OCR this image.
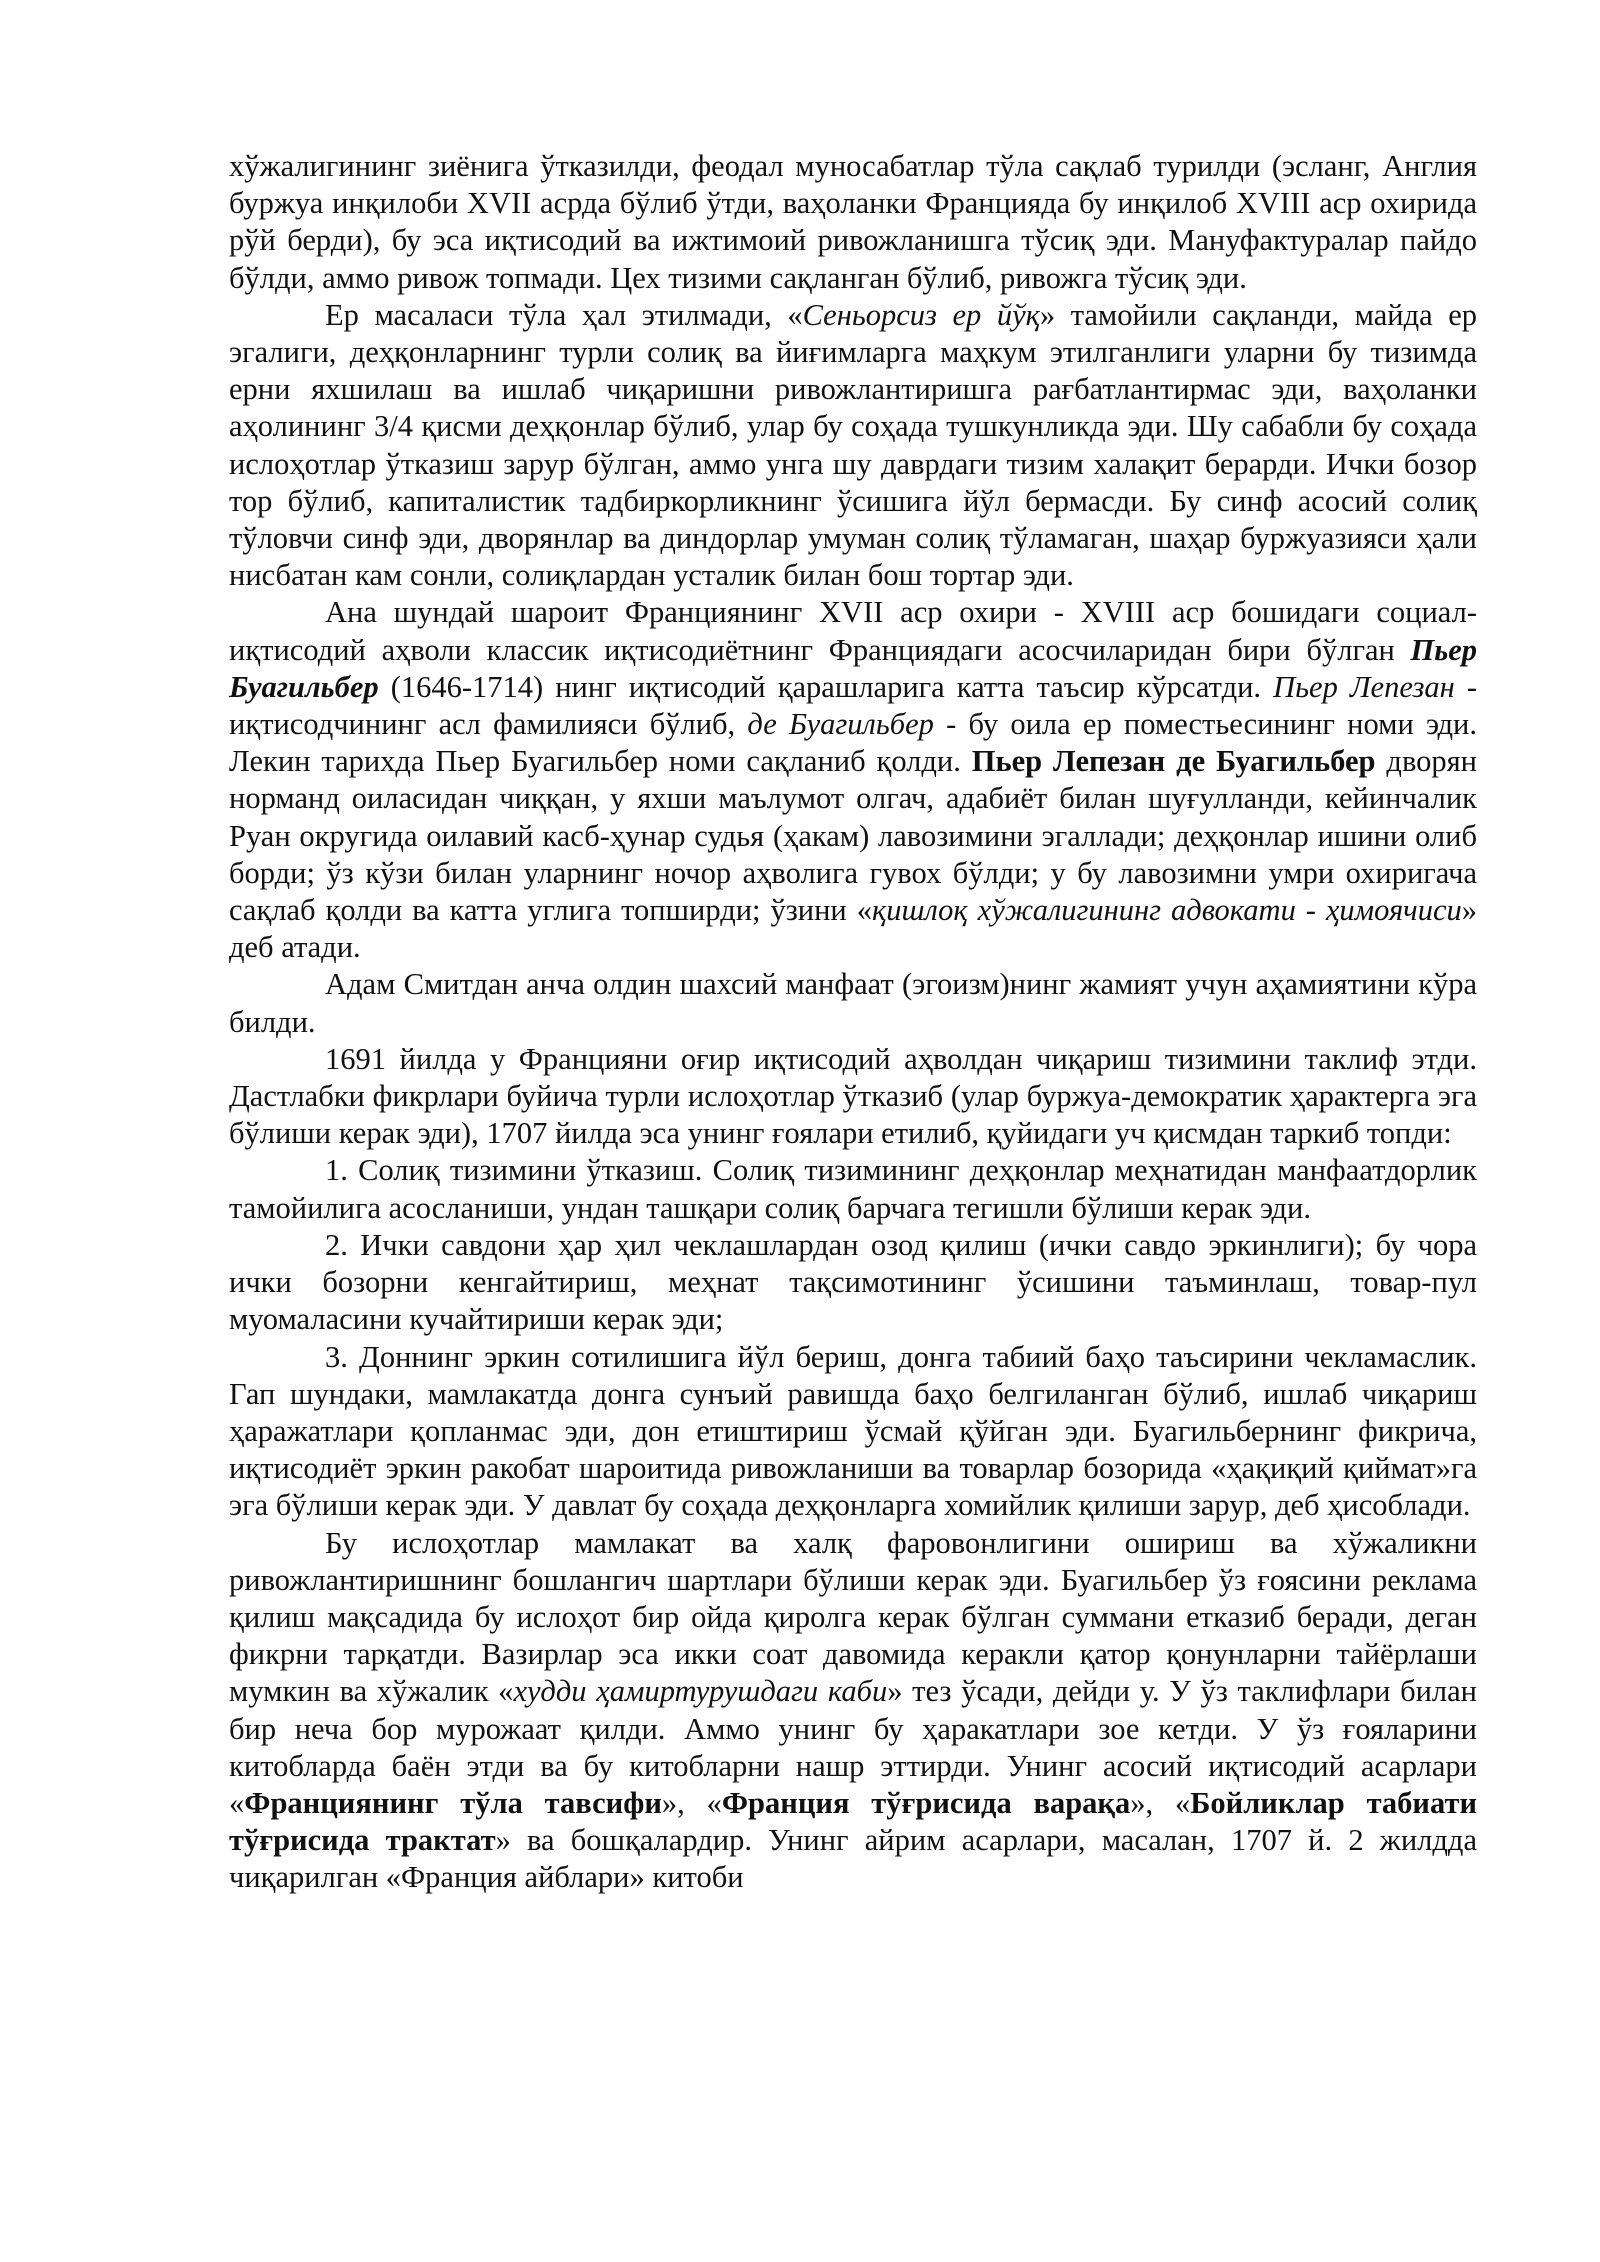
хўжалигининг зиёнига ўтказилди, феодал муносабатлар тўла сақлаб турилди (эсланг, Англия буржуа инқилоби XVII асрда бўлиб ўтди, ваҳоланки Францияда бу инқилоб XVIII аср охирида рўй берди), бу эса иқтисодий ва ижтимоий ривожланишга тўсиқ эди. Мануфактуралар пайдо бўлди, аммо ривож топмади. Цех тизими сақланган бўлиб, ривожга тўсиқ эди.

Ер масаласи тўла ҳал этилмади, «Сеньорсиз ер йўқ» тамойили сақланди, майда ер эгалиги, деҳқонларнинг турли солиқ ва йиғимларга маҳкум этилганлиги уларни бу тизимда ерни яхшилаш ва ишлаб чиқаришни ривожлантиришга рағбатлантирмас эди, ваҳоланки аҳолининг 3/4 қисми деҳқонлар бўлиб, улар бу соҳада тушкунликда эди. Шу сабабли бу соҳада ислоҳотлар ўтказиш зарур бўлган, аммо унга шу даврдаги тизим халақит берарди. Ички бозор тор бўлиб, капиталистик тадбиркорликнинг ўсишига йўл бермасди. Бу синф асосий солиқ тўловчи синф эди, дворянлар ва диндорлар умуман солиқ тўламаган, шаҳар буржуазияси ҳали нисбатан кам сонли, солиқлардан усталик билан бош тортар эди.

Ана шундай шароит Франциянинг XVII аср охири - XVIII аср бошидаги социал-иқтисодий аҳволи классик иқтисодиётнинг Франциядаги асосчиларидан бири бўлган Пьер Буагильбер (1646-1714) нинг иқтисодий қарашларига катта таъсир кўрсатди. Пьер Лепезан - иқтисодчининг асл фамилияси бўлиб, де Буагильбер - бу оила ер поместьесининг номи эди. Лекин тарихда Пьер Буагильбер номи сақланиб қолди. Пьер Лепезан де Буагильбер дворян норманд оиласидан чиққан, у яхши маълумот олгач, адабиёт билан шуғулланди, кейинчалик Руан округида оилавий касб-ҳунар судья (ҳакам) лавозимини эгаллади; деҳқонлар ишини олиб борди; ўз кўзи билан уларнинг ночор аҳволига гувох бўлди; у бу лавозимни умри охиригача сақлаб қолди ва катта углига топширди; ўзини «қишлоқ хўжалигининг адвокати - ҳимоячиси» деб атади.

Адам Смитдан анча олдин шахсий манфаат (эгоизм)нинг жамият учун аҳамиятини кўра билди.

1691 йилда у Францияни оғир иқтисодий аҳволдан чиқариш тизимини таклиф этди. Дастлабки фикрлари буйича турли ислоҳотлар ўтказиб (улар буржуа-демократик ҳарактерга эга бўлиши керак эди), 1707 йилда эса унинг ғоялари етилиб, қуйидаги уч қисмдан таркиб топди:

1. Солиқ тизимини ўтказиш. Солиқ тизимининг деҳқонлар меҳнатидан манфаатдорлик тамойилига асосланиши, ундан ташқари солиқ барчага тегишли бўлиши керак эди.

2. Ички савдони ҳар ҳил чеклашлардан озод қилиш (ички савдо эркинлиги); бу чора ички бозорни кенгайтириш, меҳнат тақсимотининг ўсишини таъминлаш, товар-пул муомаласини кучайтириши керак эди;

3. Доннинг эркин сотилишига йўл бериш, донга табиий баҳо таъсирини чекламаслик. Гап шундаки, мамлакатда донга сунъий равишда баҳо белгиланган бўлиб, ишлаб чиқариш ҳаражатлари қопланмас эди, дон етиштириш ўсмай қўйган эди. Буагильбернинг фикрича, иқтисодиёт эркин ракобат шароитида ривожланиши ва товарлар бозорида «ҳақиқий қиймат»га эга бўлиши керак эди. У давлат бу соҳада деҳқонларга хомийлик қилиши зарур, деб ҳисоблади.

Бу ислоҳотлар мамлакат ва халқ фаровонлигини ошириш ва хўжаликни ривожлантиришнинг бошлангич шартлари бўлиши керак эди. Буагильбер ўз ғоясини реклама қилиш мақсадида бу ислоҳот бир ойда қиролга керак бўлган суммани етказиб беради, деган фикрни тарқатди. Вазирлар эса икки соат давомида керакли қатор қонунларни тайёрлаши мумкин ва хўжалик «худди ҳамиртурушдаги каби» тез ўсади, дейди у. У ўз таклифлари билан бир неча бор мурожаат қилди. Аммо унинг бу ҳаракатлари зое кетди. У ўз ғояларини китобларда баён этди ва бу китобларни нашр эттирди. Унинг асосий иқтисодий асарлари «Франциянинг тўла тавсифи», «Франция тўғрисида варақа», «Бойликлар табиати тўғрисида трактат» ва бошқалардир. Унинг айрим асарлари, масалан, 1707 й. 2 жилдда чиқарилган «Франция айблари» китоби
